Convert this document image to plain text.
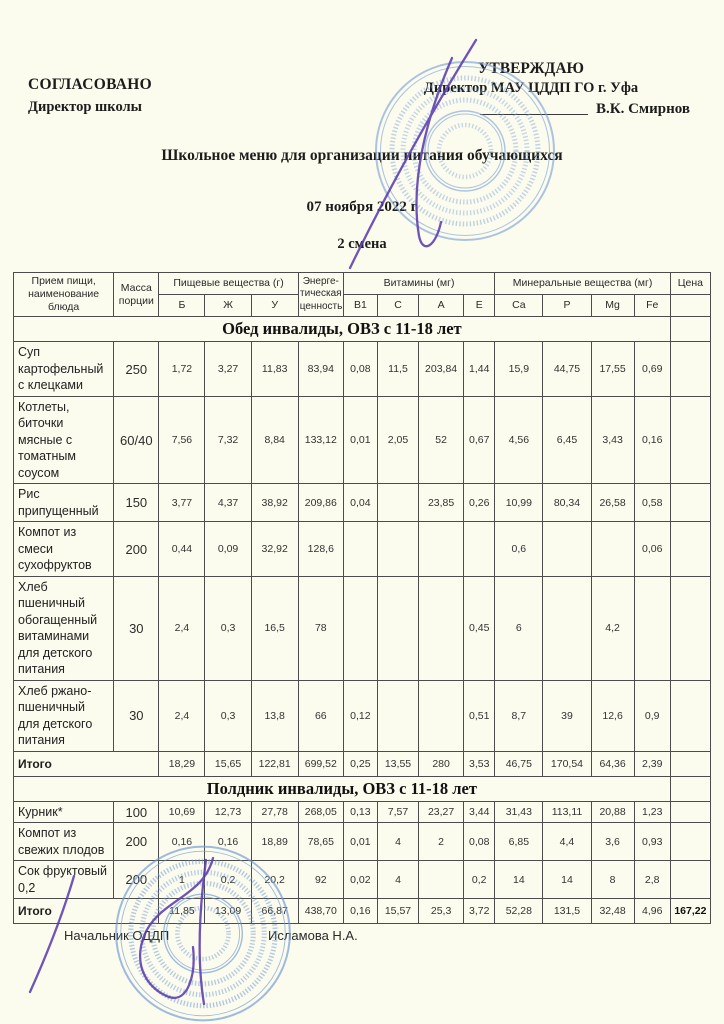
СОГЛАСОВАНО
Директор школы
УТВЕРЖДАЮ
Директор МАУ ЦДДП ГО г. Уфа
В.К. Смирнов
Школьное меню для организации питания обучающихся
07 ноября 2022 г
2 смена
Прием пищи, наименование блюда	Масса порции	Пищевые вещества (г)			Энерге-тическая ценность	Витамины (мг)				Минеральные вещества (мг)				Цена
		Б	Ж	У		B1	C	A	E	Ca	P	Mg	Fe	
Обед инвалиды, ОВЗ с 11-18 лет														
Суп картофельный с клецками	250	1,72	3,27	11,83	83,94	0,08	11,5	203,84	1,44	15,9	44,75	17,55	0,69	
Котлеты, биточки мясные с томатным соусом	60/40	7,56	7,32	8,84	133,12	0,01	2,05	52	0,67	4,56	6,45	3,43	0,16	
Рис припущенный	150	3,77	4,37	38,92	209,86	0,04		23,85	0,26	10,99	80,34	26,58	0,58	
Компот из смеси сухофруктов	200	0,44	0,09	32,92	128,6					0,6			0,06	
Хлеб пшеничный обогащенный витаминами для детского питания	30	2,4	0,3	16,5	78				0,45	6		4,2		
Хлеб ржано-пшеничный для детского питания	30	2,4	0,3	13,8	66	0,12			0,51	8,7	39	12,6	0,9	
Итого		18,29	15,65	122,81	699,52	0,25	13,55	280	3,53	46,75	170,54	64,36	2,39	
Полдник инвалиды, ОВЗ с 11-18 лет														
Курник*	100	10,69	12,73	27,78	268,05	0,13	7,57	23,27	3,44	31,43	113,11	20,88	1,23	
Компот из свежих плодов	200	0,16	0,16	18,89	78,65	0,01	4	2	0,08	6,85	4,4	3,6	0,93	
Сок фруктовый 0,2	200	1	0,2	20,2	92	0,02	4		0,2	14	14	8	2,8	
Итого		11,85	13,09	66,87	438,70	0,16	15,57	25,3	3,72	52,28	131,5	32,48	4,96	167,22
Начальник ОДДП	Исламова Н.А.
